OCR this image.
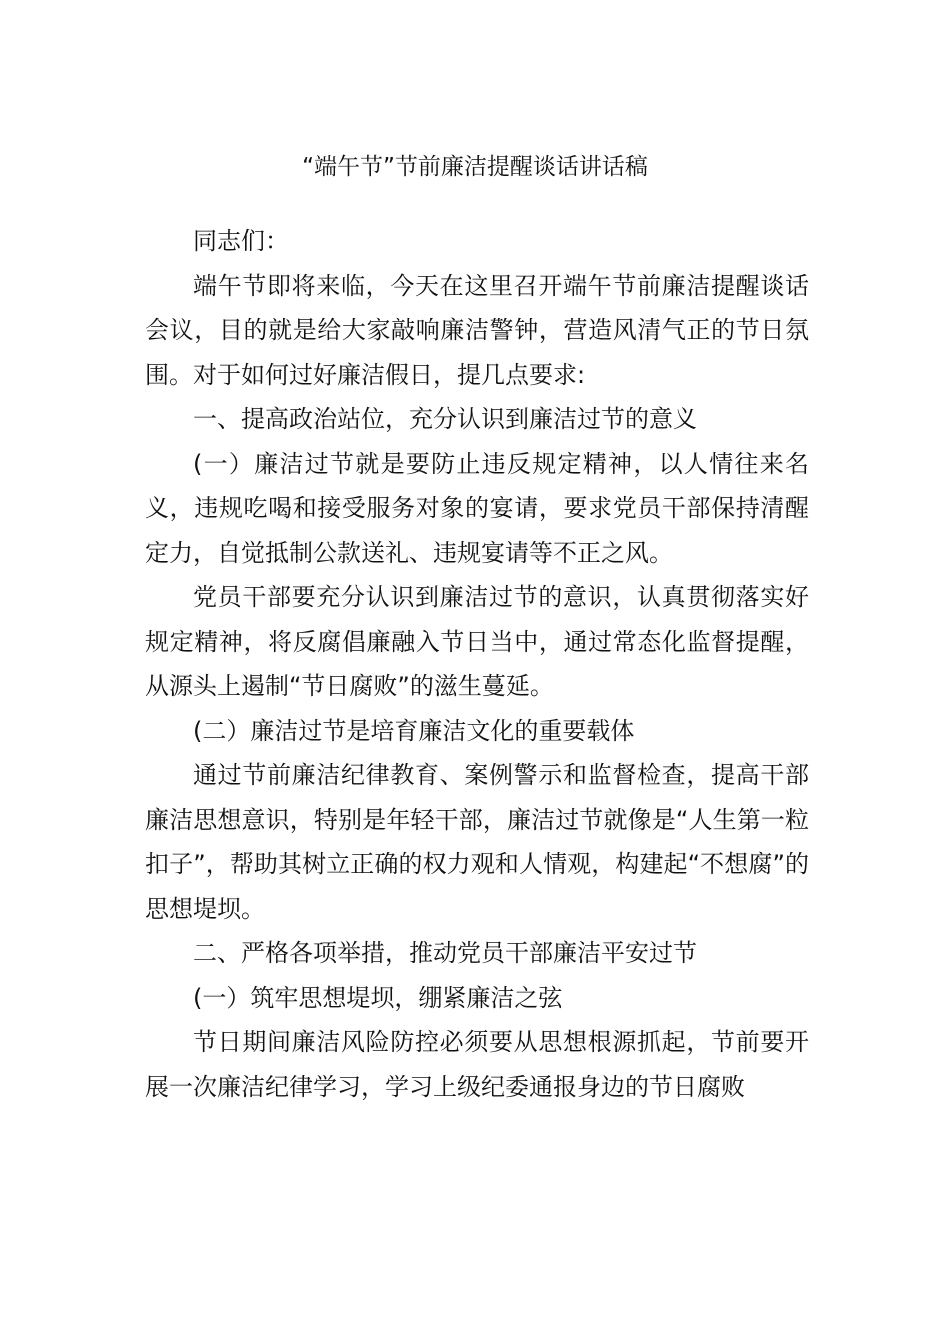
“端午节”节前廉洁提醒谈话讲话稿

同志们：

端午节即将来临，今天在这里召开端午节前廉洁提醒谈话会议，目的就是给大家敲响廉洁警钟，营造风清气正的节日氛围。对于如何过好廉洁假日，提几点要求:

一、提高政治站位，充分认识到廉洁过节的意义

(一）廉洁过节就是要防止违反规定精神，以人情往来名义，违规吃喝和接受服务对象的宴请，要求党员干部保持清醒定力，自觉抵制公款送礼、违规宴请等不正之风。

党员干部要充分认识到廉洁过节的意识，认真贯彻落实好规定精神，将反腐倡廉融入节日当中，通过常态化监督提醒，从源头上遏制“节日腐败”的滋生蔓延。

(二）廉洁过节是培育廉洁文化的重要载体

通过节前廉洁纪律教育、案例警示和监督检查，提高干部廉洁思想意识，特别是年轻干部，廉洁过节就像是“人生第一粒扣子”，帮助其树立正确的权力观和人情观，构建起“不想腐”的思想堤坝。

二、严格各项举措，推动党员干部廉洁平安过节

(一）筑牢思想堤坝，绷紧廉洁之弦

节日期间廉洁风险防控必须要从思想根源抓起，节前要开展一次廉洁纪律学习，学习上级纪委通报身边的节日腐败
